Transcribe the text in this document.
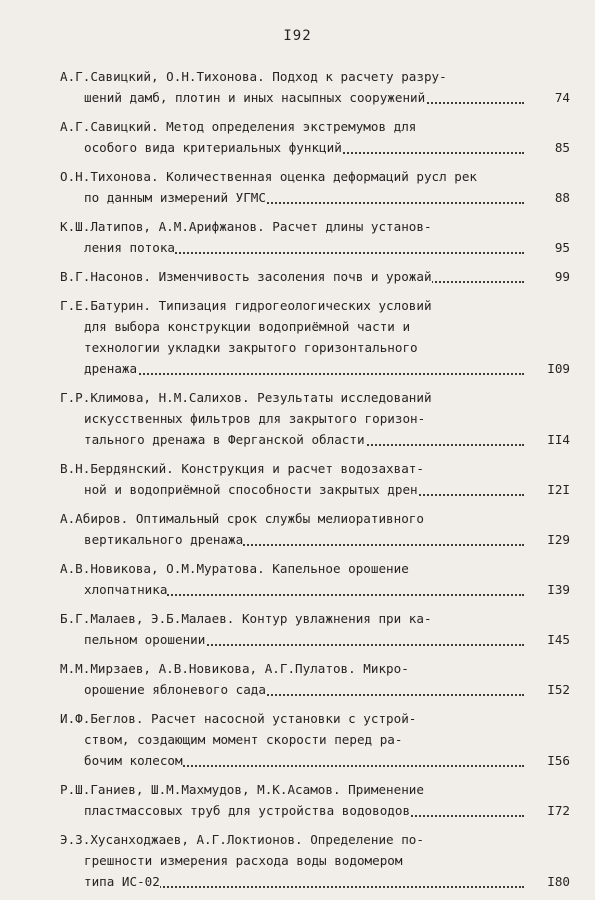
I92
А.Г.Савицкий, О.Н.Тихонова. Подход к расчету разру-
шений дамб, плотин и иных насыпных сооружений	74
А.Г.Савицкий. Метод определения экстремумов для
особого вида критериальных функций	85
О.Н.Тихонова. Количественная оценка деформаций русл рек
по данным измерений УГМС	88
К.Ш.Латипов, А.М.Арифжанов. Расчет длины установ-
ления потока	95
В.Г.Насонов. Изменчивость засоления почв и урожай	99
Г.Е.Батурин. Типизация гидрогеологических условий
для выбора конструкции водоприёмной части и
технологии укладки закрытого горизонтального
дренажа	I09
Г.Р.Климова, Н.М.Салихов. Результаты исследований
искусственных фильтров для закрытого горизон-
тального дренажа в Ферганской области	II4
В.Н.Бердянский. Конструкция и расчет водозахват-
ной и водоприёмной способности закрытых дрен	I2I
А.Абиров. Оптимальный срок службы мелиоративного
вертикального дренажа	I29
А.В.Новикова, О.М.Муратова. Капельное орошение
хлопчатника	I39
Б.Г.Малаев, Э.Б.Малаев. Контур увлажнения при ка-
пельном орошении	I45
М.М.Мирзаев, А.В.Новикова, А.Г.Пулатов. Микро-
орошение яблоневого сада	I52
И.Ф.Беглов. Расчет насосной установки с устрой-
ством, создающим момент скорости перед ра-
бочим колесом	I56
Р.Ш.Ганиев, Ш.М.Махмудов, М.К.Асамов. Применение
пластмассовых труб для устройства водоводов	I72
Э.З.Хусанходжаев, А.Г.Локтионов. Определение по-
грешности измерения расхода воды водомером
типа ИС-02	I80
